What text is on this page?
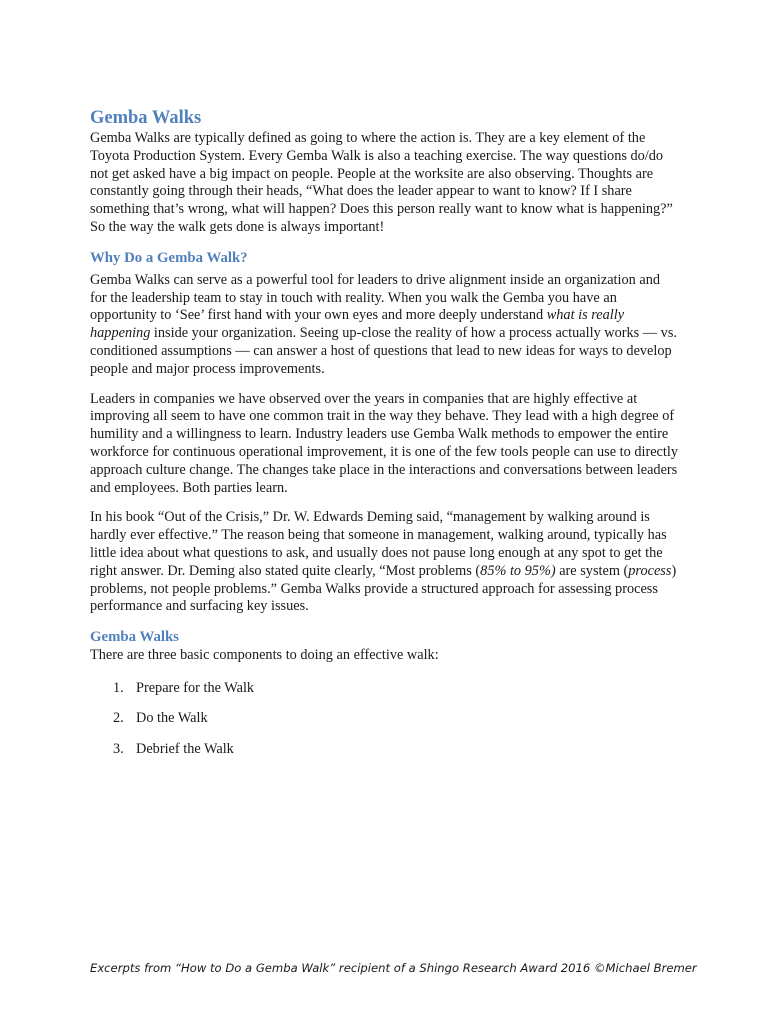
Gemba Walks

Gemba Walks are typically defined as going to where the action is. They are a key element of the Toyota Production System. Every Gemba Walk is also a teaching exercise. The way questions do/do not get asked have a big impact on people. People at the worksite are also observing. Thoughts are constantly going through their heads, “What does the leader appear to want to know? If I share something that’s wrong, what will happen? Does this person really want to know what is happening?” So the way the walk gets done is always important!

Why Do a Gemba Walk?

Gemba Walks can serve as a powerful tool for leaders to drive alignment inside an organization and for the leadership team to stay in touch with reality. When you walk the Gemba you have an opportunity to ‘See’ first hand with your own eyes and more deeply understand what is really happening inside your organization. Seeing up-close the reality of how a process actually works — vs. conditioned assumptions — can answer a host of questions that lead to new ideas for ways to develop people and major process improvements.

Leaders in companies we have observed over the years in companies that are highly effective at improving all seem to have one common trait in the way they behave. They lead with a high degree of humility and a willingness to learn. Industry leaders use Gemba Walk methods to empower the entire workforce for continuous operational improvement, it is one of the few tools people can use to directly approach culture change. The changes take place in the interactions and conversations between leaders and employees. Both parties learn.

In his book “Out of the Crisis,” Dr. W. Edwards Deming said, “management by walking around is hardly ever effective.” The reason being that someone in management, walking around, typically has little idea about what questions to ask, and usually does not pause long enough at any spot to get the right answer. Dr. Deming also stated quite clearly, “Most problems (85% to 95%) are system (process) problems, not people problems.” Gemba Walks provide a structured approach for assessing process performance and surfacing key issues.

Gemba Walks

There are three basic components to doing an effective walk:

1. Prepare for the Walk
2. Do the Walk
3. Debrief the Walk
Excerpts from “How to Do a Gemba Walk” recipient of a Shingo Research Award 2016 ©Michael Bremer
